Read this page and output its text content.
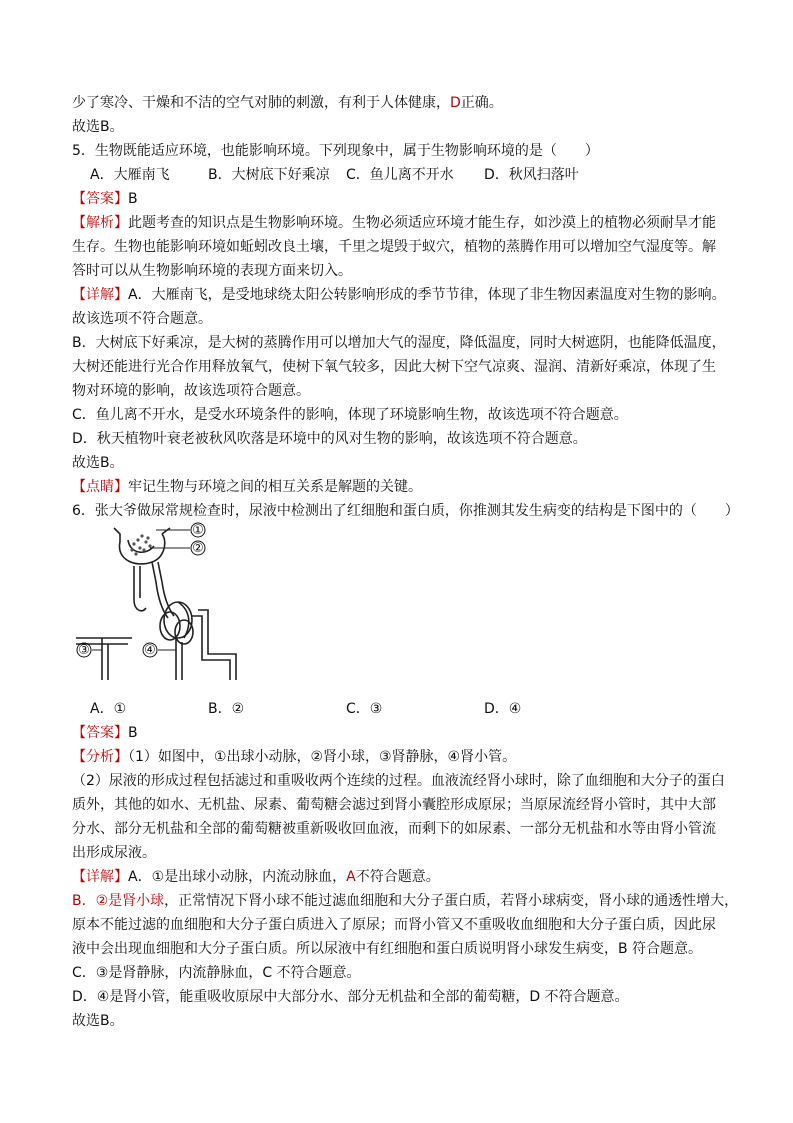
少了寒冷、干燥和不洁的空气对肺的刺激，有利于人体健康，D正确。
故选B。
5．生物既能适应环境，也能影响环境。下列现象中，属于生物影响环境的是（　　）
A．大雁南飞	B．大树底下好乘凉 C．鱼儿离不开水 D．秋风扫落叶
【答案】B
【解析】此题考查的知识点是生物影响环境。生物必须适应环境才能生存，如沙漠上的植物必须耐旱才能
生存。生物也能影响环境如蚯蚓改良土壤，千里之堤毁于蚁穴，植物的蒸腾作用可以增加空气湿度等。解
答时可以从生物影响环境的表现方面来切入。
【详解】A．大雁南飞，是受地球绕太阳公转影响形成的季节节律，体现了非生物因素温度对生物的影响。
故该选项不符合题意。
B．大树底下好乘凉，是大树的蒸腾作用可以增加大气的湿度，降低温度，同时大树遮阴，也能降低温度，
大树还能进行光合作用释放氧气，使树下氧气较多，因此大树下空气凉爽、湿润、清新好乘凉，体现了生
物对环境的影响，故该选项符合题意。
C．鱼儿离不开水，是受水环境条件的影响，体现了环境影响生物，故该选项不符合题意。
D．秋天植物叶衰老被秋风吹落是环境中的风对生物的影响，故该选项不符合题意。
故选B。
【点睛】牢记生物与环境之间的相互关系是解题的关键。
6．张大爷做尿常规检查时，尿液中检测出了红细胞和蛋白质，你推测其发生病变的结构是下图中的（　　）
①
②
③	④
A．①	B．②	C．③	D．④
【答案】B
【分析】（1）如图中，①出球小动脉，②肾小球，③肾静脉，④肾小管。
（2）尿液的形成过程包括滤过和重吸收两个连续的过程。血液流经肾小球时，除了血细胞和大分子的蛋白
质外，其他的如水、无机盐、尿素、葡萄糖会滤过到肾小囊腔形成原尿；当原尿流经肾小管时，其中大部
分水、部分无机盐和全部的葡萄糖被重新吸收回血液，而剩下的如尿素、一部分无机盐和水等由肾小管流
出形成尿液。
【详解】A．①是出球小动脉，内流动脉血，A不符合题意。
B．②是肾小球，正常情况下肾小球不能过滤血细胞和大分子蛋白质，若肾小球病变，肾小球的通透性增大，
原本不能过滤的血细胞和大分子蛋白质进入了原尿；而肾小管又不重吸收血细胞和大分子蛋白质，因此尿
液中会出现血细胞和大分子蛋白质。所以尿液中有红细胞和蛋白质说明肾小球发生病变，B 符合题意。
C．③是肾静脉，内流静脉血，C 不符合题意。
D．④是肾小管，能重吸收原尿中大部分水、部分无机盐和全部的葡萄糖，D 不符合题意。
故选B。
